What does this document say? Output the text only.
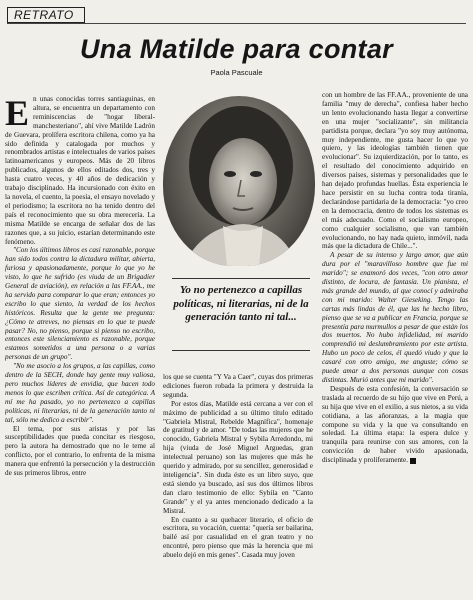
RETRATO
Una Matilde para contar
Paola Pascuale

En unas conocidas torres santiaguinas, en altura, se encuentra un departamento con reminiscencias de "hogar liberal-manchesteriano", ahí vive Matilde Ladrón de Guevara, prolífera escritora chilena, como ya ha sido definida y catalogada por muchos y renombrados artistas e intelectuales de varios países latinoamericanos y europeos. Más de 20 libros publicados, algunos de ellos editados dos, tres y hasta cuatro veces, y 40 años de dedicación y trabajo disciplinado. Ha incursionado con éxito en la novela, el cuento, la poesía, el ensayo novelado y el periodismo; la escritora no ha tenido dentro del país el reconocimiento que su obra merecería. La misma Matilde se encarga de señalar dos de las razones que, a su juicio, estarían determinando este fenómeno.

"Con los últimos libros es casi razonable, porque han sido todos contra la dictadura militar, abierta, furiosa y apasionadamente, porque lo que yo he visto, lo que he sufrido (es viuda de un Brigadier General de aviación), en relación a las FF.AA., me ha servido para comparar lo que eran; entonces yo escribo lo que siento, la verdad de los hechos históricos. Resulta que la gente me pregunta: ¿Cómo te atreves, no piensas en lo que te puede pasar? No, no pienso, porque si pienso no escribo, entonces este silenciamiento es razonable, porque estamos sometidos a una persona o a varias personas de un grupo".

"No me asocio a los grupos, a las capillas, como dentro de la SECH, donde hay gente muy valiosa, pero muchos líderes de envidia, que hacen todo menos lo que escriben crítica. Así de categórica. A mí me ha pasado, yo no pertenezco a capillas políticas, ni literarias, ni de la generación tanto ni tal, sólo me dedico a escribir".

El tema, por sus aristas y por las susceptibilidades que pueda concitar es riesgoso, pero la autora ha demostrado que no le teme al conflicto, por el contrario, lo enfrenta de la misma manera que enfrentó la persecución y la destrucción de sus primeros libros, entre

Yo no pertenezco a capillas políticas, ni literarias, ni de la generación tanto ni tal...

los que se cuenta "Y Va a Caer", cuyas dos primeras ediciones fueron robada la primera y destruida la segunda.

Por estos días, Matilde está cercana a ver con el máximo de publicidad a su último título editado "Gabriela Mistral, Rebelde Magnífica", homenaje de gratitud y de amor. "De todas las mujeres que he conocido, Gabriela Mistral y Sybila Arredondo, mi hija (viuda de José Miguel Arguedas, gran intelectual peruano) son las mujeres que más he querido y admirado, por su sencillez, generosidad e inteligencia". Sin duda éste es un libro suyo, que está siendo ya buscado, así sus dos últimos libros dan claro testimonio de ello: Sybila en "Canto Grande" y el ya antes mencionado dedicado a la Mistral.

En cuanto a su quehacer literario, el oficio de escritora, su vocación, cuenta: "quería ser bailarina, bailé así por casualidad en el gran teatro y no encontré, pero pienso que más la herencia que mi abuelo dejó en mis genes". Casada muy joven

con un hombre de las FF.AA., proveniente de una familia "muy de derecha", confiesa haber hecho un lento evolucionando hasta llegar a convertirse en una mujer "socializante", sin militancia partidista porque, declara "yo soy muy autónoma, muy independiente, me gusta hacer lo que yo quiero, y las ideologías también tienen que evolucionar". Su izquierdización, por lo tanto, es el resultado del conocimiento adquirido en diversos países, sistemas y personalidades que le han dejado profundas huellas. Ésta experiencia le hace persistir en su lucha contra toda tiranía, declarándose partidaria de la democracia: "yo creo en la democracia, dentro de todos los sistemas es el más adecuado. Como el socialismo europeo, como cualquier socialismo, que van también evolucionando, no hay nada quieto, inmóvil, nada más que la dictadura de Chile...".

A pesar de su intenso y largo amor, que aún dura por el "maravilloso hombre que fue mi marido"; se enamoró dos veces, "con otro amor distinto, de locura, de fantasía. Un pianista, el más grande del mundo, al que conocí y admiraba con mi marido: Walter Gieseking. Tengo las cartas más lindas de él, que las he hecho libro, pienso que se va a publicar en Francia, porque se presentía para murmullos a pesar de que están los dos muertos. No hubo infidelidad, mi marido comprendió mi deslumbramiento por este artista. Hubo un poco de celos, él quedó viudo y que la casaré con otro amigo, me anguste; cómo se puede amar a dos personas aunque con cosas distintas. Murió antes que mi marido".

Después de esta confesión, la conversación se traslada al recuerdo de su hijo que vive en Perú, a su hija que vive en el exilio, a sus nietos, a su vida cotidiana, a las añoranzas, a la magia que compone su vida y la que va consultando en soledad. La última etapa: la espera dulce y tranquila para reunirse con sus amores, con la convicción de haber vivido apasionada, disciplinada y prolíferamente.
